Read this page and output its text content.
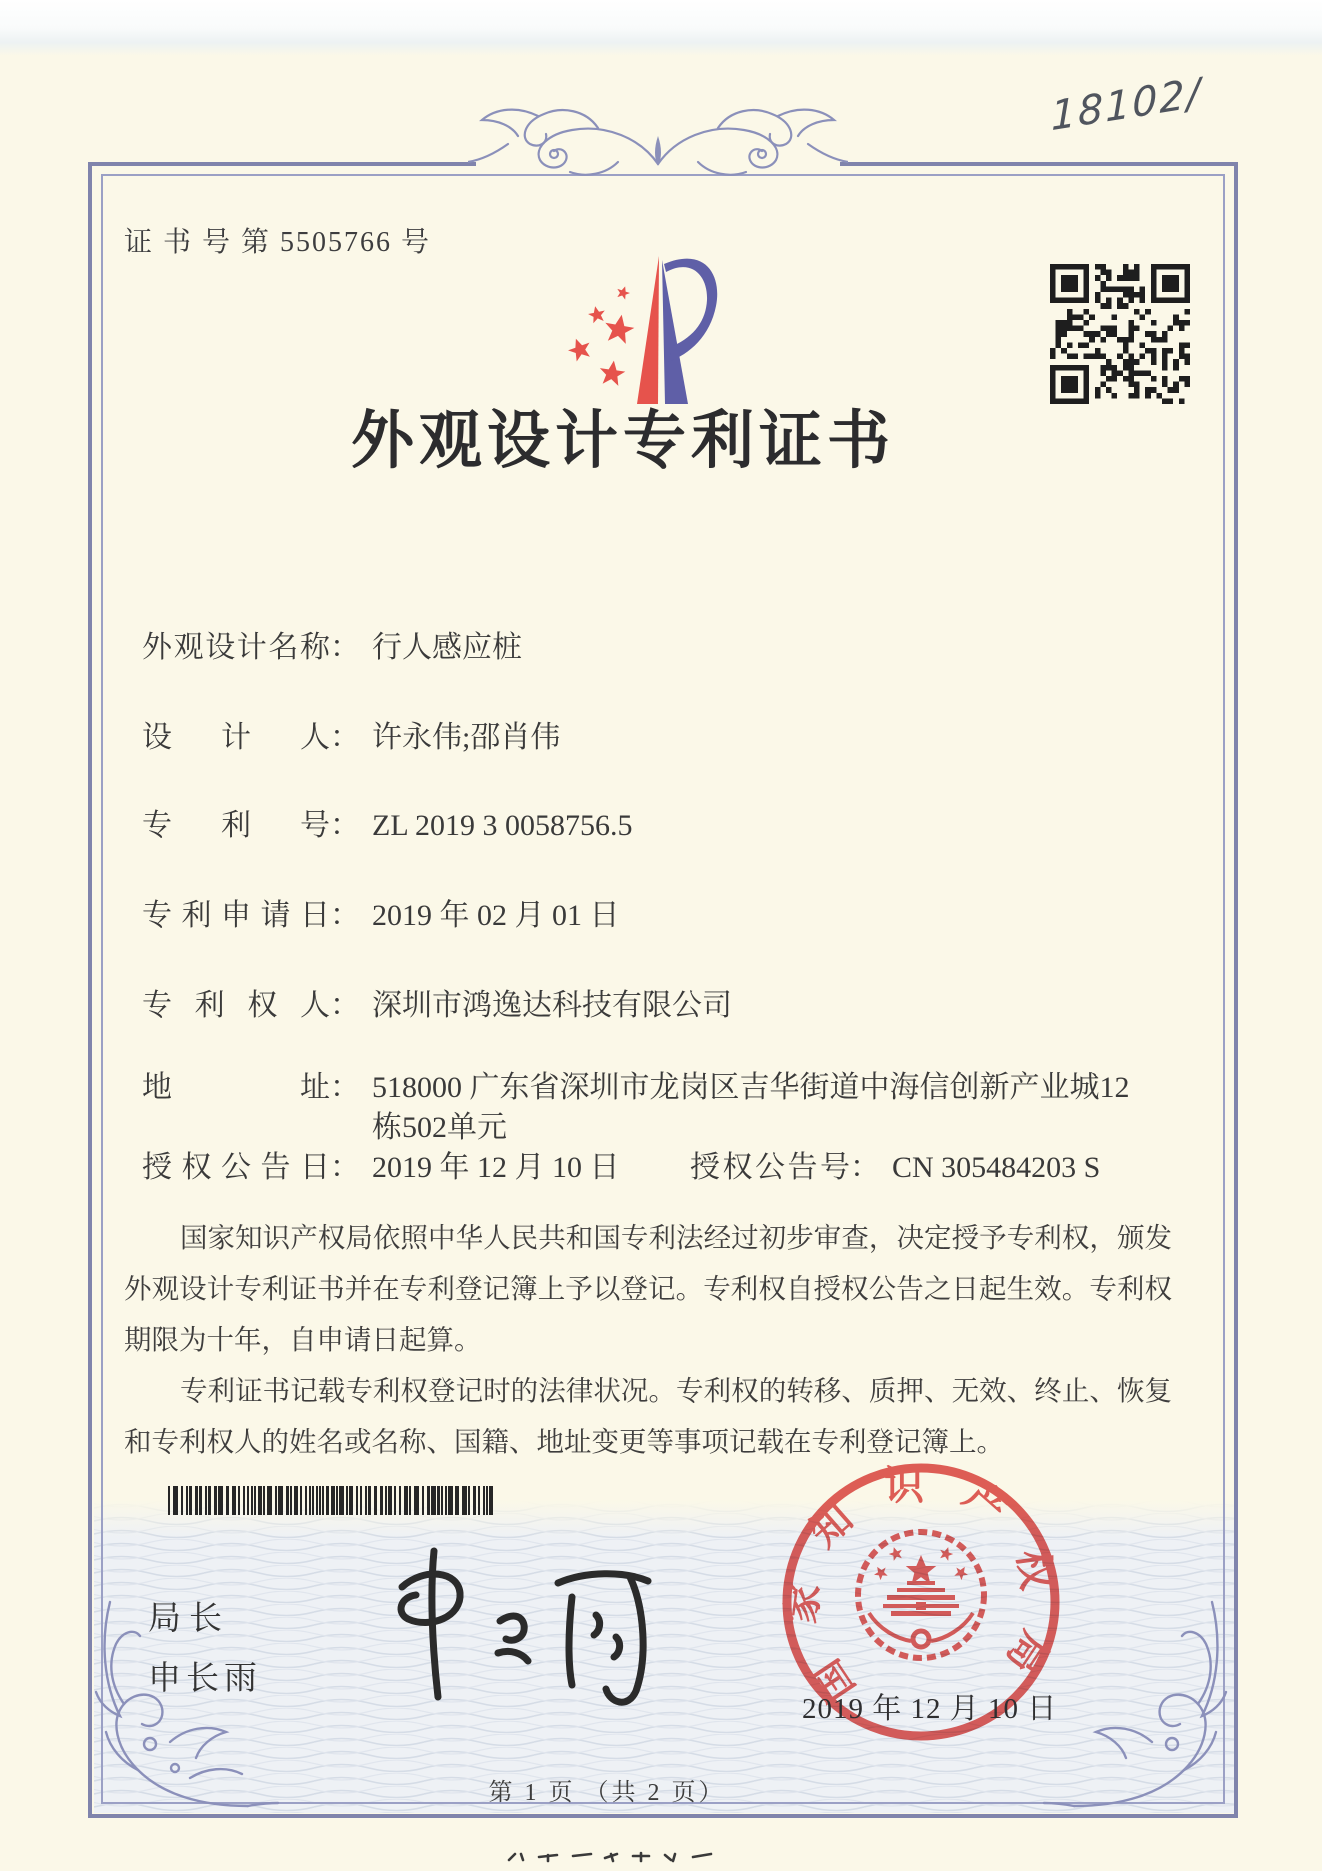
18102/
证 书 号 第 5505766 号
外观设计专利证书
外观设计名称： 行人感应桩
设计人： 许永伟;邵肖伟
专利号： ZL 2019 3 0058756.5
专利申请日： 2019 年 02 月 01 日
专利权人： 深圳市鸿逸达科技有限公司
地址： 518000 广东省深圳市龙岗区吉华街道中海信创新产业城12栋502单元
授权公告日： 2019 年 12 月 10 日 授权公告号： CN 305484203 S

国家知识产权局依照中华人民共和国专利法经过初步审查，决定授予专利权，颁发外观设计专利证书并在专利登记簿上予以登记。专利权自授权公告之日起生效。专利权期限为十年，自申请日起算。

专利证书记载专利权登记时的法律状况。专利权的转移、质押、无效、终止、恢复和专利权人的姓名或名称、国籍、地址变更等事项记载在专利登记簿上。

局长
申长雨	国家知识产权局
2019 年 12 月 10 日
第 1 页 （共 2 页）
